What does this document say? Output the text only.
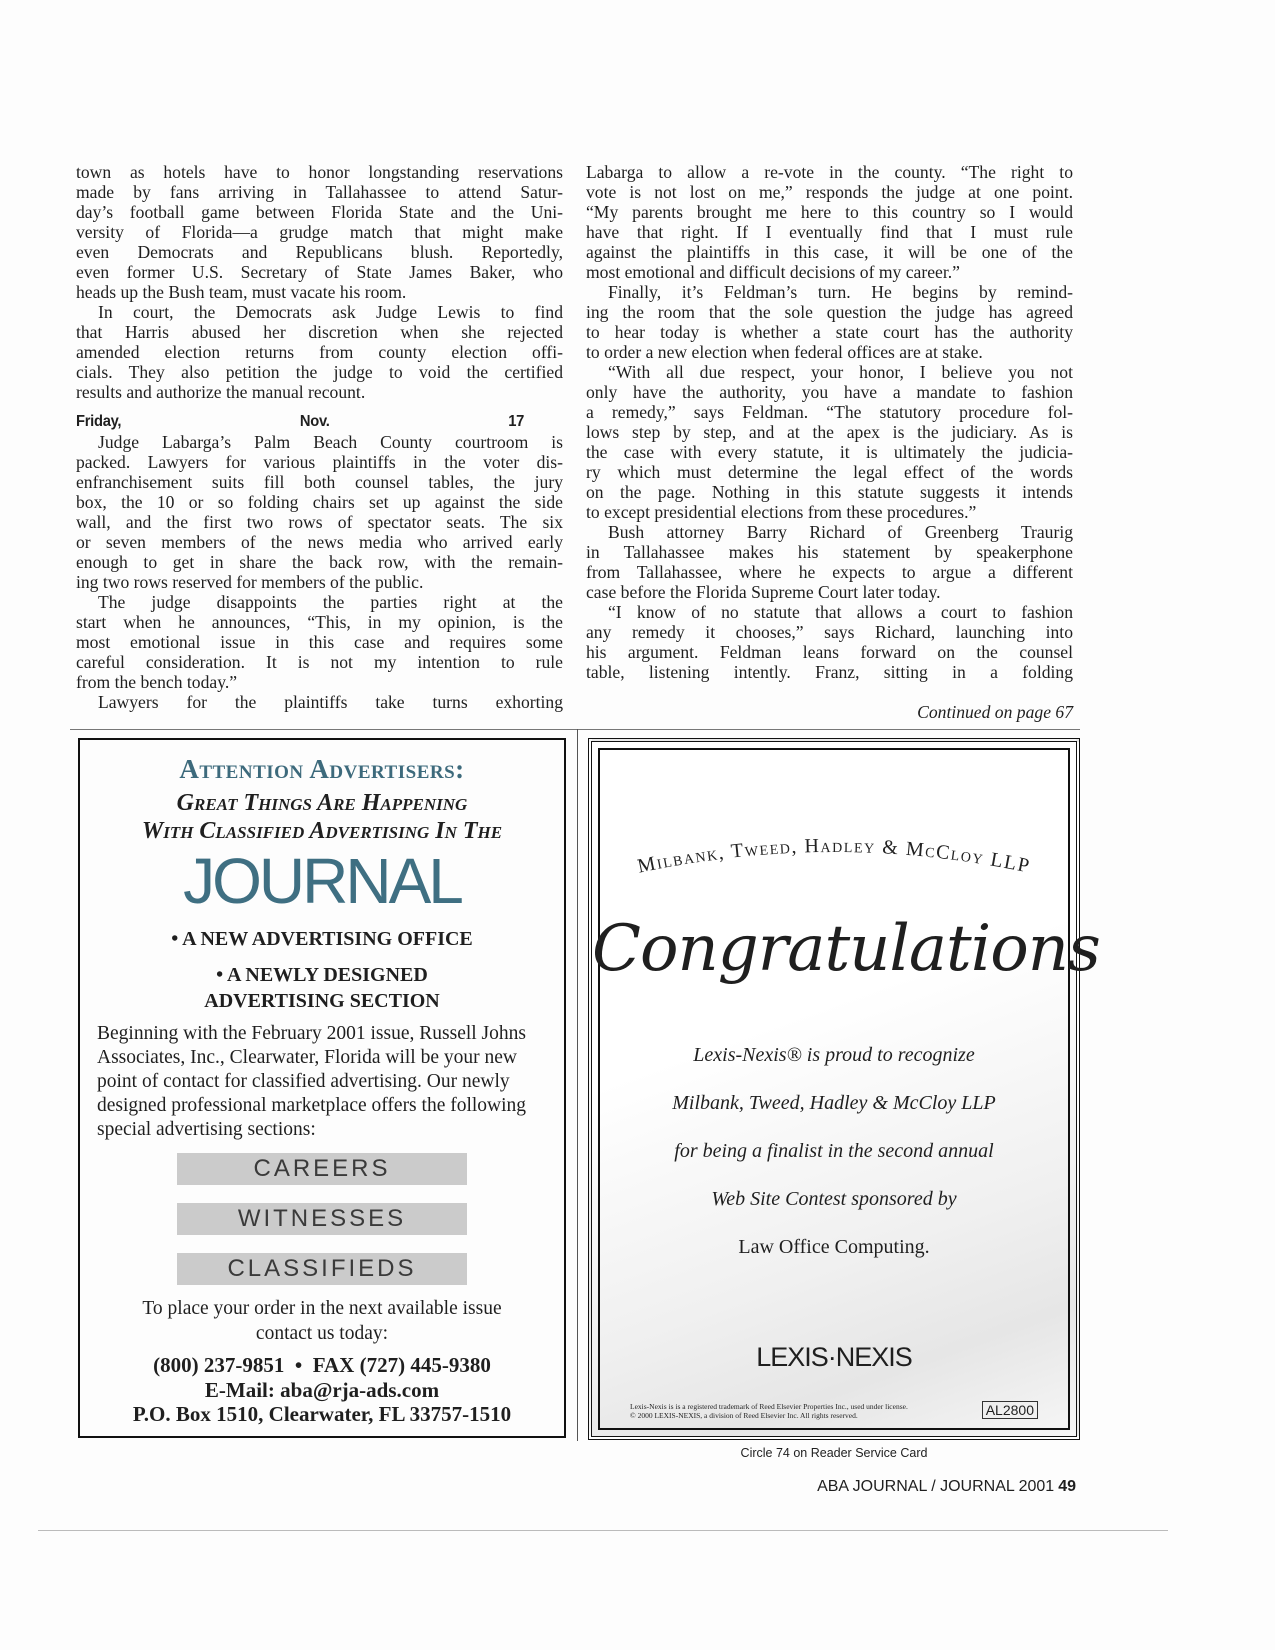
town as hotels have to honor longstanding reservations
made by fans arriving in Tallahassee to attend Satur-
day’s football game between Florida State and the Uni-
versity of Florida—a grudge match that might make
even Democrats and Republicans blush. Reportedly,
even former U.S. Secretary of State James Baker, who
heads up the Bush team, must vacate his room.
In court, the Democrats ask Judge Lewis to find
that Harris abused her discretion when she rejected
amended election returns from county election offi-
cials. They also petition the judge to void the certified
results and authorize the manual recount.
Friday, Nov. 17
Judge Labarga’s Palm Beach County courtroom is
packed. Lawyers for various plaintiffs in the voter dis-
enfranchisement suits fill both counsel tables, the jury
box, the 10 or so folding chairs set up against the side
wall, and the first two rows of spectator seats. The six
or seven members of the news media who arrived early
enough to get in share the back row, with the remain-
ing two rows reserved for members of the public.
The judge disappoints the parties right at the
start when he announces, “This, in my opinion, is the
most emotional issue in this case and requires some
careful consideration. It is not my intention to rule
from the bench today.”
Lawyers for the plaintiffs take turns exhorting
Labarga to allow a re-vote in the county. “The right to
vote is not lost on me,” responds the judge at one point.
“My parents brought me here to this country so I would
have that right. If I eventually find that I must rule
against the plaintiffs in this case, it will be one of the
most emotional and difficult decisions of my career.”
Finally, it’s Feldman’s turn. He begins by remind-
ing the room that the sole question the judge has agreed
to hear today is whether a state court has the authority
to order a new election when federal offices are at stake.
“With all due respect, your honor, I believe you not
only have the authority, you have a mandate to fashion
a remedy,” says Feldman. “The statutory procedure fol-
lows step by step, and at the apex is the judiciary. As is
the case with every statute, it is ultimately the judicia-
ry which must determine the legal effect of the words
on the page. Nothing in this statute suggests it intends
to except presidential elections from these procedures.”
Bush attorney Barry Richard of Greenberg Traurig
in Tallahassee makes his statement by speakerphone
from Tallahassee, where he expects to argue a different
case before the Florida Supreme Court later today.
“I know of no statute that allows a court to fashion
any remedy it chooses,” says Richard, launching into
his argument. Feldman leans forward on the counsel
table, listening intently. Franz, sitting in a folding
Continued on page 67
Attention Advertisers:
Great Things Are Happening
With Classified Advertising In The
JOURNAL
• A NEW ADVERTISING OFFICE
• A NEWLY DESIGNED
ADVERTISING SECTION
Beginning with the February 2001 issue, Russell Johns Associates, Inc., Clearwater, Florida will be your new point of contact for classified advertising. Our newly designed professional marketplace offers the following special advertising sections:
CAREERS
WITNESSES
CLASSIFIEDS
To place your order in the next available issue
contact us today:
(800) 237-9851  •  FAX (727) 445-9380
E-Mail: aba@rja-ads.com
P.O. Box 1510, Clearwater, FL 33757-1510
Milbank, Tweed, Hadley & McCloy LLP
Congratulations
Lexis-Nexis® is proud to recognize
Milbank, Tweed, Hadley & McCloy LLP
for being a finalist in the second annual
Web Site Contest sponsored by
Law Office Computing.
LEXIS·NEXIS
Lexis-Nexis is is a registered trademark of Reed Elsevier Properties Inc., used under license.
© 2000 LEXIS-NEXIS, a division of Reed Elsevier Inc. All rights reserved.	AL2800
Circle 74 on Reader Service Card
ABA JOURNAL / JOURNAL 2001 49
